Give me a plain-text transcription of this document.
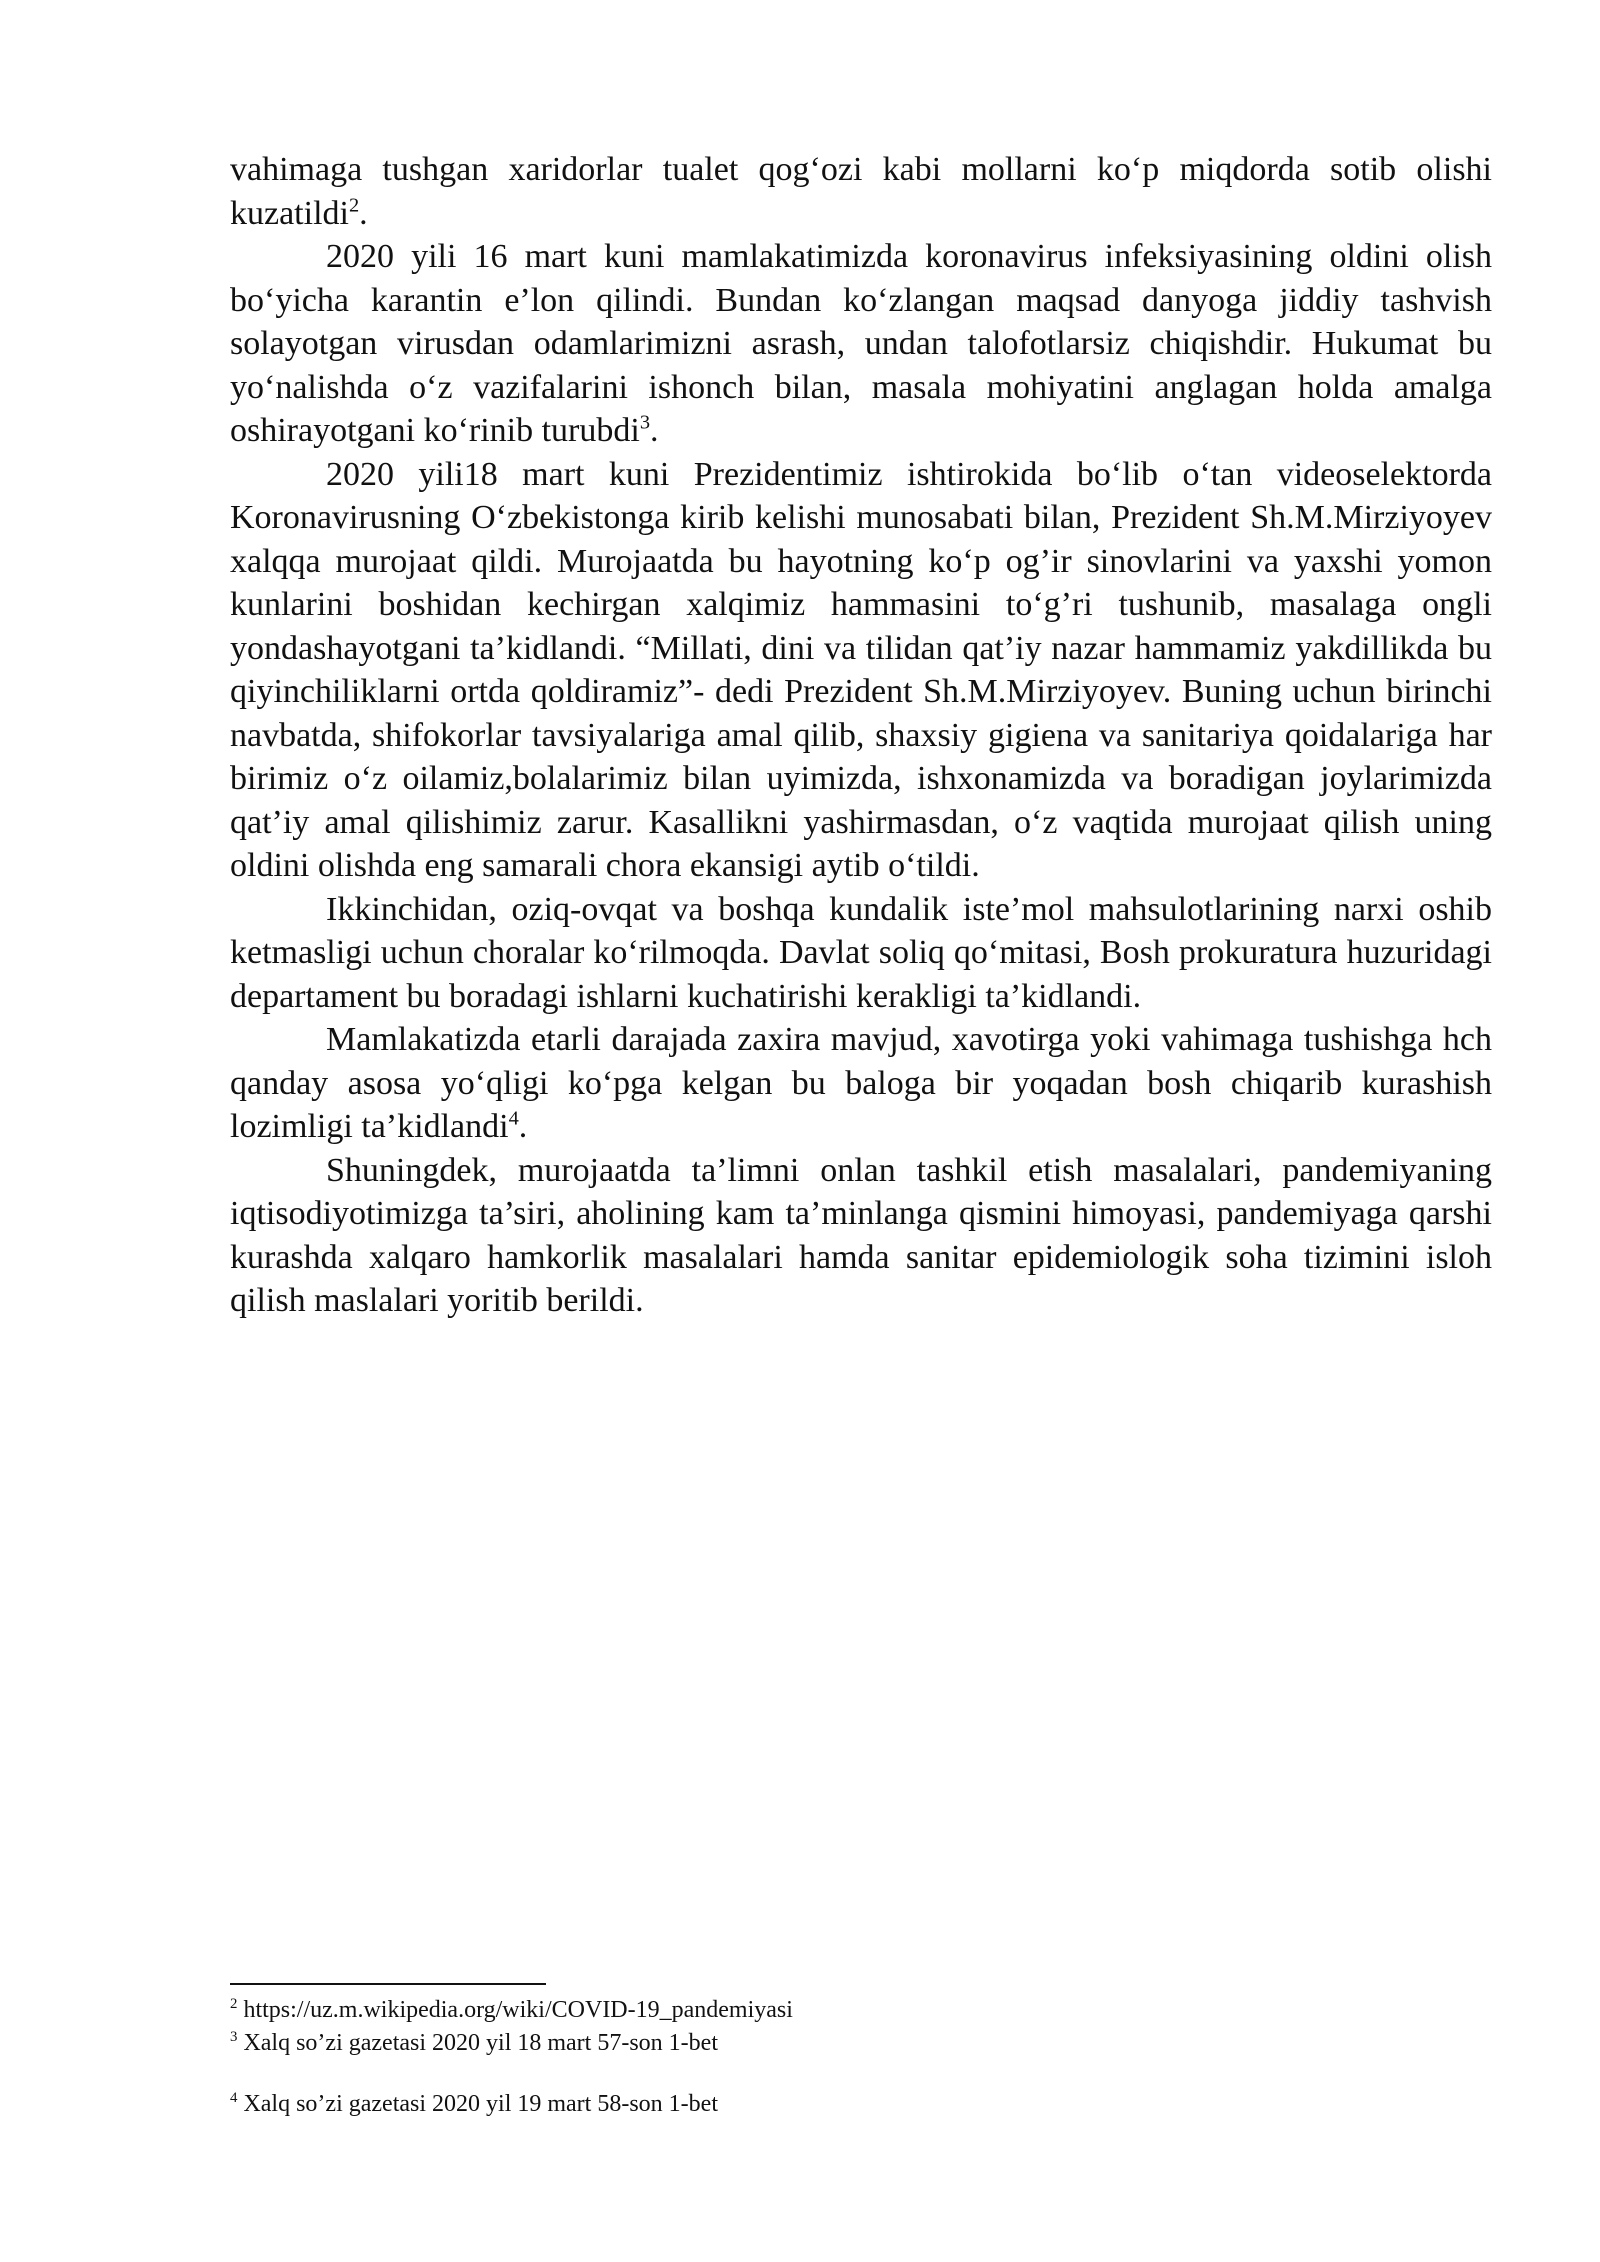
vahimaga tushgan xaridorlar tualet qog‘ozi kabi mollarni ko‘p miqdorda sotib olishi kuzatildi$^2$.

2020 yili 16 mart kuni mamlakatimizda koronavirus infeksiyasining oldini olish bo‘yicha karantin e’lon qilindi. Bundan ko‘zlangan maqsad danyoga jiddiy tashvish solayotgan virusdan odamlarimizni asrash, undan talofotlarsiz chiqishdir. Hukumat bu yo‘nalishda o‘z vazifalarini ishonch bilan, masala mohiyatini anglagan holda amalga oshirayotgani ko‘rinib turubdi$^3$.

2020 yili18 mart kuni Prezidentimiz ishtirokida bo‘lib o‘tan videoselektorda Koronavirusning O‘zbekistonga kirib kelishi munosabati bilan, Prezident Sh.M.Mirziyoyev xalqqa murojaat qildi. Murojaatda bu hayotning ko‘p og’ir sinovlarini va yaxshi yomon kunlarini boshidan kechirgan xalqimiz hammasini to‘g’ri tushunib, masalaga ongli yondashayotgani ta’kidlandi. “Millati, dini va tilidan qat’iy nazar hammamiz yakdillikda bu qiyinchiliklarni ortda qoldiramiz”- dedi Prezident Sh.M.Mirziyoyev. Buning uchun birinchi navbatda, shifokorlar tavsiyalariga amal qilib, shaxsiy gigiena va sanitariya qoidalariga har birimiz o‘z oilamiz,bolalarimiz bilan uyimizda, ishxonamizda va boradigan joylarimizda qat’iy amal qilishimiz zarur. Kasallikni yashirmasdan, o‘z vaqtida murojaat qilish uning oldini olishda eng samarali chora ekansigi aytib o‘tildi.

Ikkinchidan, oziq-ovqat va boshqa kundalik iste’mol mahsulotlarining narxi oshib ketmasligi uchun choralar ko‘rilmoqda. Davlat soliq qo‘mitasi, Bosh prokuratura huzuridagi departament bu boradagi ishlarni kuchatirishi kerakligi ta’kidlandi.

Mamlakatizda etarli darajada zaxira mavjud, xavotirga yoki vahimaga tushishga hch qanday asosa yo‘qligi ko‘pga kelgan bu baloga bir yoqadan bosh chiqarib kurashish lozimligi ta’kidlandi$^4$.

Shuningdek, murojaatda ta’limni onlan tashkil etish masalalari, pandemiyaning iqtisodiyotimizga ta’siri, aholining kam ta’minlanga qismini himoyasi, pandemiyaga qarshi kurashda xalqaro hamkorlik masalalari hamda sanitar epidemiologik soha tizimini isloh qilish maslalari yoritib berildi.

$^2$ https://uz.m.wikipedia.org/wiki/COVID-19_pandemiyasi

$^3$ Xalq so’zi gazetasi 2020 yil 18 mart 57-son 1-bet

$^4$ Xalq so’zi gazetasi 2020 yil 19 mart 58-son 1-bet
